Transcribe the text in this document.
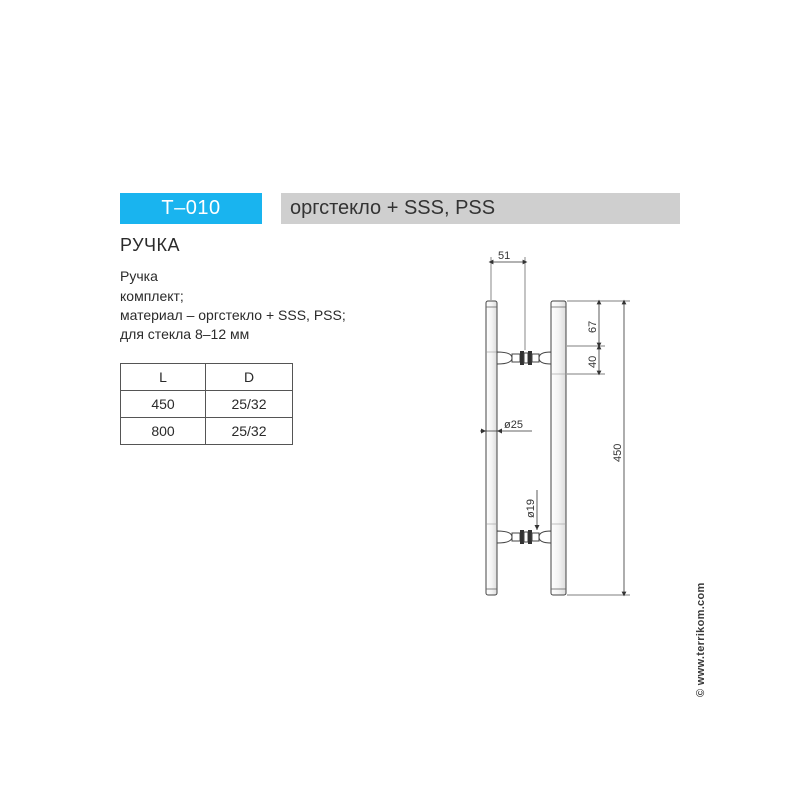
T–010	оргстекло + SSS, PSS
РУЧКА
Ручка
комплект;
материал – оргстекло + SSS, PSS;
для стекла 8–12 мм
L	D
450	25/32
800	25/32
51
67
40
450
ø25
ø19
© www.terrikom.com
